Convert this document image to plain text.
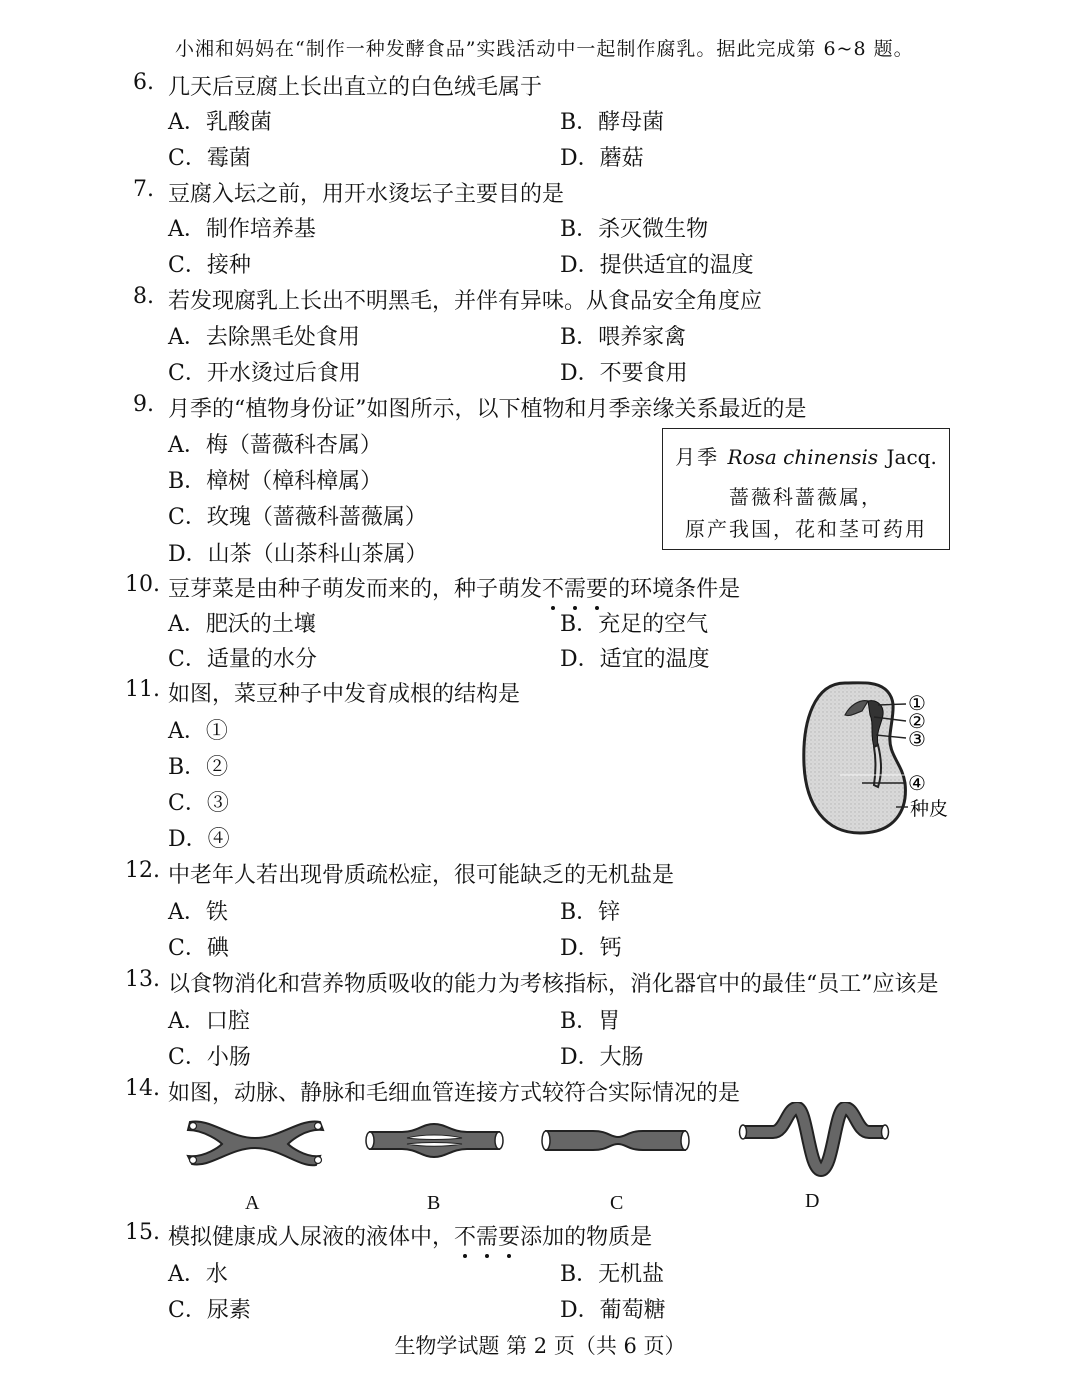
小湘和妈妈在“制作一种发酵食品”实践活动中一起制作腐乳。据此完成第 6~8 题。
6. 几天后豆腐上长出直立的白色绒毛属于
A．乳酸菌	B．酵母菌
C．霉菌	D．蘑菇
7. 豆腐入坛之前，用开水烫坛子主要目的是
A．制作培养基	B．杀灭微生物
C．接种	D．提供适宜的温度
8. 若发现腐乳上长出不明黑毛，并伴有异味。从食品安全角度应
A．去除黑毛处食用	B．喂养家禽
C．开水烫过后食用	D．不要食用
9. 月季的“植物身份证”如图所示，以下植物和月季亲缘关系最近的是
A．梅（蔷薇科杏属）
B．樟树（樟科樟属）
C．玫瑰（蔷薇科蔷薇属）
D．山茶（山茶科山茶属）
月季 Rosa chinensis Jacq.
蔷薇科蔷薇属，
原产我国，花和茎可药用
10. 豆芽菜是由种子萌发而来的，种子萌发不需要的环境条件是
A．肥沃的土壤	B．充足的空气
C．适量的水分	D．适宜的温度
11. 如图，菜豆种子中发育成根的结构是
A．①
B．②
C．③
D．④
①
②
③
④
种皮
12. 中老年人若出现骨质疏松症，很可能缺乏的无机盐是
A．铁	B．锌
C．碘	D．钙
13. 以食物消化和营养物质吸收的能力为考核指标，消化器官中的最佳“员工”应该是
A．口腔	B．胃
C．小肠	D．大肠
14. 如图，动脉、静脉和毛细血管连接方式较符合实际情况的是
A	B	C	D
15. 模拟健康成人尿液的液体中，不需要添加的物质是
A．水	B．无机盐
C．尿素	D．葡萄糖
生物学试题 第 2 页（共 6 页）
